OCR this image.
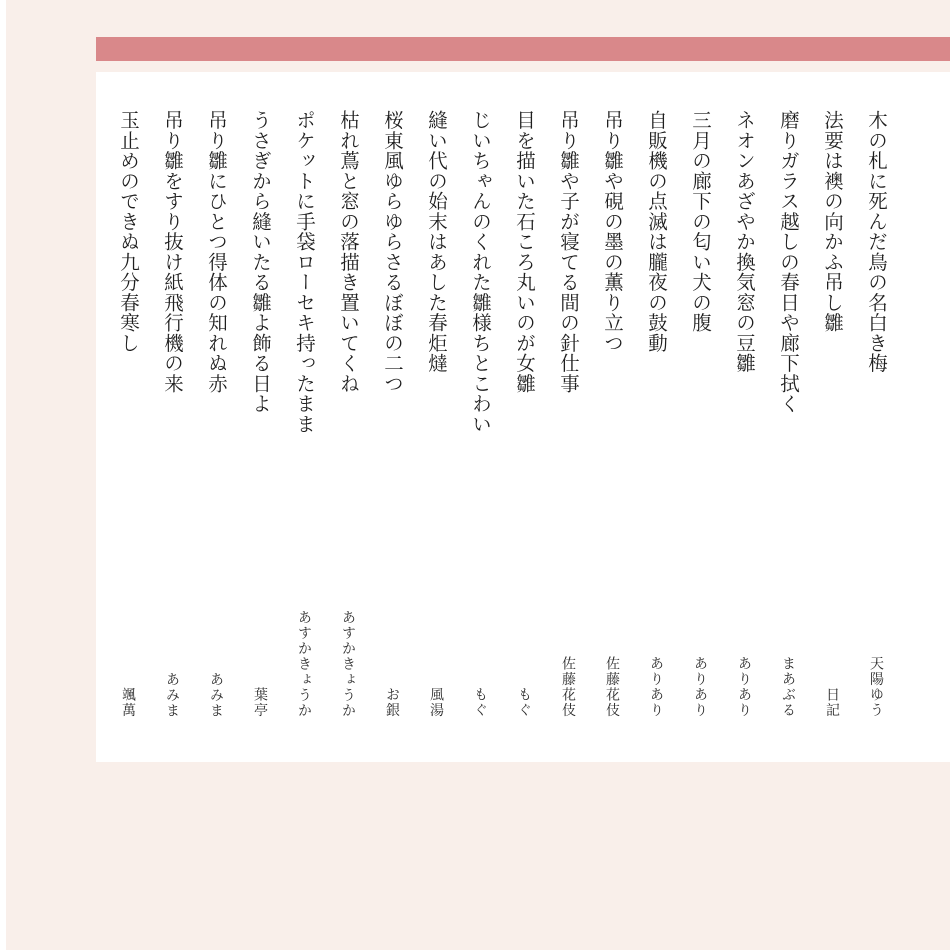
木の札に死んだ鳥の名白き梅
天陽ゆう
法要は襖の向かふ吊し雛
日記
磨りガラス越しの春日や廊下拭く
まあぶる
ネオンあざやか換気窓の豆雛
ありあり
三月の廊下の匂い犬の腹
ありあり
自販機の点滅は朧夜の鼓動
ありあり
吊り雛や硯の墨の薫り立つ
佐藤花伎
吊り雛や子が寝てる間の針仕事
佐藤花伎
目を描いた石ころ丸いのが女雛
もぐ
じいちゃんのくれた雛様ちとこわい
もぐ
縫い代の始末はあした春炬燵
風湯
桜東風ゆらゆらさるぼぼの二つ
お銀
枯れ蔦と窓の落描き置いてくね
あすかきょうか
ポケットに手袋ローセキ持ったまま
あすかきょうか
うさぎから縫いたる雛よ飾る日よ
葉亭
吊り雛にひとつ得体の知れぬ赤
あみま
吊り雛をすり抜け紙飛行機の来
あみま
玉止めのできぬ九分春寒し
颯萬
